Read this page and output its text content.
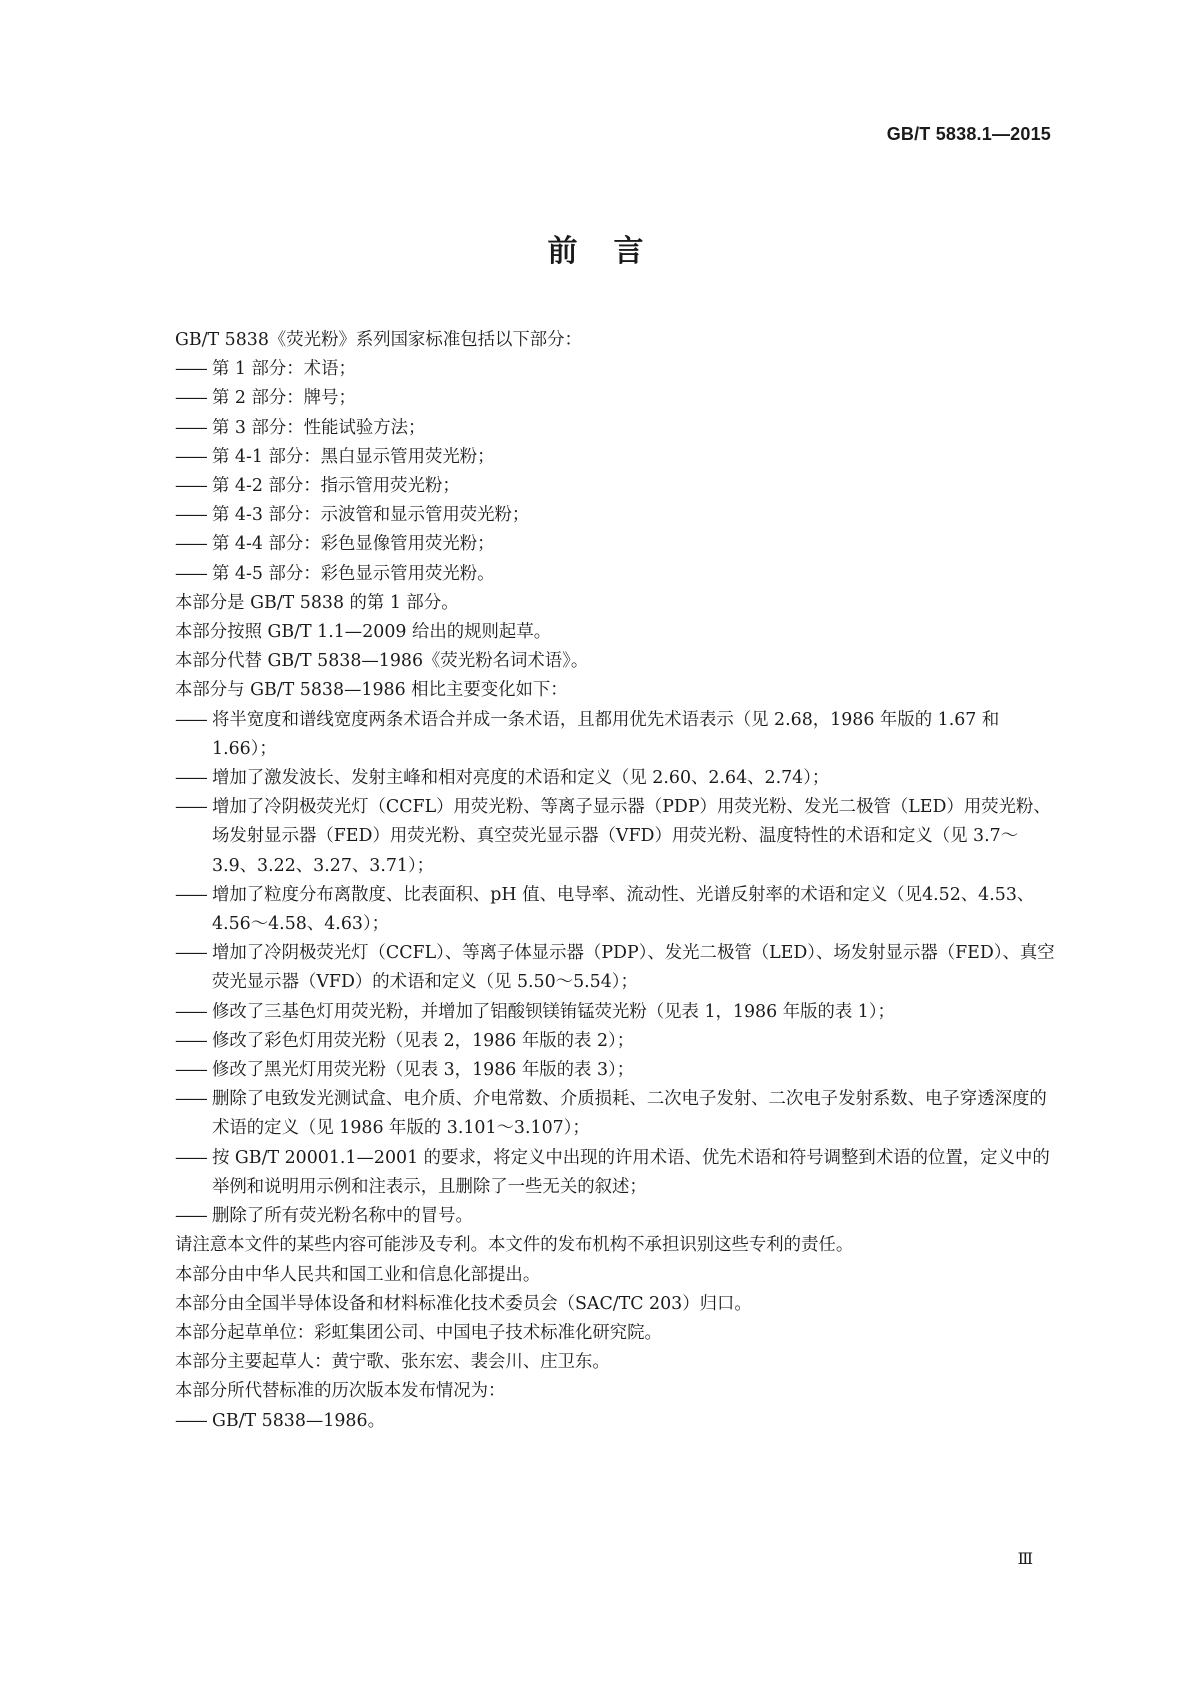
GB/T 5838.1—2015
前言

GB/T 5838《荧光粉》系列国家标准包括以下部分：

—— 第 1 部分：术语；

—— 第 2 部分：牌号；

—— 第 3 部分：性能试验方法；

—— 第 4-1 部分：黑白显示管用荧光粉；

—— 第 4-2 部分：指示管用荧光粉；

—— 第 4-3 部分：示波管和显示管用荧光粉；

—— 第 4-4 部分：彩色显像管用荧光粉；

—— 第 4-5 部分：彩色显示管用荧光粉。

本部分是 GB/T 5838 的第 1 部分。

本部分按照 GB/T 1.1—2009 给出的规则起草。

本部分代替 GB/T 5838—1986《荧光粉名词术语》。

本部分与 GB/T 5838—1986 相比主要变化如下：

—— 将半宽度和谱线宽度两条术语合并成一条术语，且都用优先术语表示（见 2.68，1986 年版的 1.67 和 1.66）；

—— 增加了激发波长、发射主峰和相对亮度的术语和定义（见 2.60、2.64、2.74）；

—— 增加了冷阴极荧光灯（CCFL）用荧光粉、等离子显示器（PDP）用荧光粉、发光二极管（LED）用荧光粉、场发射显示器（FED）用荧光粉、真空荧光显示器（VFD）用荧光粉、温度特性的术语和定义（见 3.7～3.9、3.22、3.27、3.71）；

—— 增加了粒度分布离散度、比表面积、pH 值、电导率、流动性、光谱反射率的术语和定义（见4.52、4.53、4.56～4.58、4.63）；

—— 增加了冷阴极荧光灯（CCFL）、等离子体显示器（PDP）、发光二极管（LED）、场发射显示器（FED）、真空荧光显示器（VFD）的术语和定义（见 5.50～5.54）；

—— 修改了三基色灯用荧光粉，并增加了铝酸钡镁铕锰荧光粉（见表 1，1986 年版的表 1）；

—— 修改了彩色灯用荧光粉（见表 2，1986 年版的表 2）；

—— 修改了黑光灯用荧光粉（见表 3，1986 年版的表 3）；

—— 删除了电致发光测试盒、电介质、介电常数、介质损耗、二次电子发射、二次电子发射系数、电子穿透深度的术语的定义（见 1986 年版的 3.101～3.107）；

—— 按 GB/T 20001.1—2001 的要求，将定义中出现的许用术语、优先术语和符号调整到术语的位置，定义中的举例和说明用示例和注表示，且删除了一些无关的叙述；

—— 删除了所有荧光粉名称中的冒号。

请注意本文件的某些内容可能涉及专利。本文件的发布机构不承担识别这些专利的责任。

本部分由中华人民共和国工业和信息化部提出。

本部分由全国半导体设备和材料标准化技术委员会（SAC/TC 203）归口。

本部分起草单位：彩虹集团公司、中国电子技术标准化研究院。

本部分主要起草人：黄宁歌、张东宏、裴会川、庄卫东。

本部分所代替标准的历次版本发布情况为：

—— GB/T 5838—1986。

Ⅲ
